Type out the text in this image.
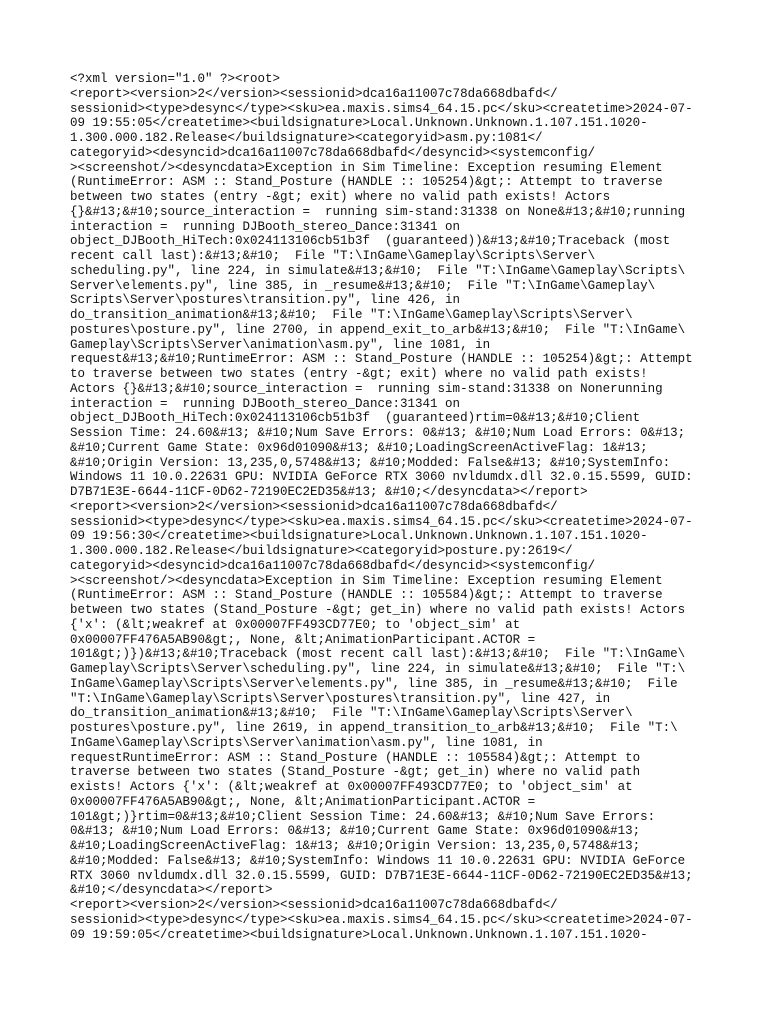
<?xml version="1.0" ?><root>
<report><version>2</version><sessionid>dca16a11007c78da668dbafd</
sessionid><type>desync</type><sku>ea.maxis.sims4_64.15.pc</sku><createtime>2024-07-
09 19:55:05</createtime><buildsignature>Local.Unknown.Unknown.1.107.151.1020-
1.300.000.182.Release</buildsignature><categoryid>asm.py:1081</
categoryid><desyncid>dca16a11007c78da668dbafd</desyncid><systemconfig/
><screenshot/><desyncdata>Exception in Sim Timeline: Exception resuming Element
(RuntimeError: ASM :: Stand_Posture (HANDLE :: 105254)&gt;: Attempt to traverse
between two states (entry -&gt; exit) where no valid path exists! Actors
{}&#13;&#10;source_interaction =  running sim-stand:31338 on None&#13;&#10;running
interaction =  running DJBooth_stereo_Dance:31341 on
object_DJBooth_HiTech:0x024113106cb51b3f  (guaranteed))&#13;&#10;Traceback (most
recent call last):&#13;&#10;  File "T:\InGame\Gameplay\Scripts\Server\
scheduling.py", line 224, in simulate&#13;&#10;  File "T:\InGame\Gameplay\Scripts\
Server\elements.py", line 385, in _resume&#13;&#10;  File "T:\InGame\Gameplay\
Scripts\Server\postures\transition.py", line 426, in
do_transition_animation&#13;&#10;  File "T:\InGame\Gameplay\Scripts\Server\
postures\posture.py", line 2700, in append_exit_to_arb&#13;&#10;  File "T:\InGame\
Gameplay\Scripts\Server\animation\asm.py", line 1081, in
request&#13;&#10;RuntimeError: ASM :: Stand_Posture (HANDLE :: 105254)&gt;: Attempt
to traverse between two states (entry -&gt; exit) where no valid path exists!
Actors {}&#13;&#10;source_interaction =  running sim-stand:31338 on Nonerunning
interaction =  running DJBooth_stereo_Dance:31341 on
object_DJBooth_HiTech:0x024113106cb51b3f  (guaranteed)rtim=0&#13;&#10;Client
Session Time: 24.60&#13; &#10;Num Save Errors: 0&#13; &#10;Num Load Errors: 0&#13;
&#10;Current Game State: 0x96d01090&#13; &#10;LoadingScreenActiveFlag: 1&#13;
&#10;Origin Version: 13,235,0,5748&#13; &#10;Modded: False&#13; &#10;SystemInfo:
Windows 11 10.0.22631 GPU: NVIDIA GeForce RTX 3060 nvldumdx.dll 32.0.15.5599, GUID:
D7B71E3E-6644-11CF-0D62-72190EC2ED35&#13; &#10;</desyncdata></report>
<report><version>2</version><sessionid>dca16a11007c78da668dbafd</
sessionid><type>desync</type><sku>ea.maxis.sims4_64.15.pc</sku><createtime>2024-07-
09 19:56:30</createtime><buildsignature>Local.Unknown.Unknown.1.107.151.1020-
1.300.000.182.Release</buildsignature><categoryid>posture.py:2619</
categoryid><desyncid>dca16a11007c78da668dbafd</desyncid><systemconfig/
><screenshot/><desyncdata>Exception in Sim Timeline: Exception resuming Element
(RuntimeError: ASM :: Stand_Posture (HANDLE :: 105584)&gt;: Attempt to traverse
between two states (Stand_Posture -&gt; get_in) where no valid path exists! Actors
{'x': (&lt;weakref at 0x00007FF493CD77E0; to 'object_sim' at
0x00007FF476A5AB90&gt;, None, &lt;AnimationParticipant.ACTOR =
101&gt;)})&#13;&#10;Traceback (most recent call last):&#13;&#10;  File "T:\InGame\
Gameplay\Scripts\Server\scheduling.py", line 224, in simulate&#13;&#10;  File "T:\
InGame\Gameplay\Scripts\Server\elements.py", line 385, in _resume&#13;&#10;  File
"T:\InGame\Gameplay\Scripts\Server\postures\transition.py", line 427, in
do_transition_animation&#13;&#10;  File "T:\InGame\Gameplay\Scripts\Server\
postures\posture.py", line 2619, in append_transition_to_arb&#13;&#10;  File "T:\
InGame\Gameplay\Scripts\Server\animation\asm.py", line 1081, in
requestRuntimeError: ASM :: Stand_Posture (HANDLE :: 105584)&gt;: Attempt to
traverse between two states (Stand_Posture -&gt; get_in) where no valid path
exists! Actors {'x': (&lt;weakref at 0x00007FF493CD77E0; to 'object_sim' at
0x00007FF476A5AB90&gt;, None, &lt;AnimationParticipant.ACTOR =
101&gt;)}rtim=0&#13;&#10;Client Session Time: 24.60&#13; &#10;Num Save Errors:
0&#13; &#10;Num Load Errors: 0&#13; &#10;Current Game State: 0x96d01090&#13;
&#10;LoadingScreenActiveFlag: 1&#13; &#10;Origin Version: 13,235,0,5748&#13;
&#10;Modded: False&#13; &#10;SystemInfo: Windows 11 10.0.22631 GPU: NVIDIA GeForce
RTX 3060 nvldumdx.dll 32.0.15.5599, GUID: D7B71E3E-6644-11CF-0D62-72190EC2ED35&#13;
&#10;</desyncdata></report>
<report><version>2</version><sessionid>dca16a11007c78da668dbafd</
sessionid><type>desync</type><sku>ea.maxis.sims4_64.15.pc</sku><createtime>2024-07-
09 19:59:05</createtime><buildsignature>Local.Unknown.Unknown.1.107.151.1020-
